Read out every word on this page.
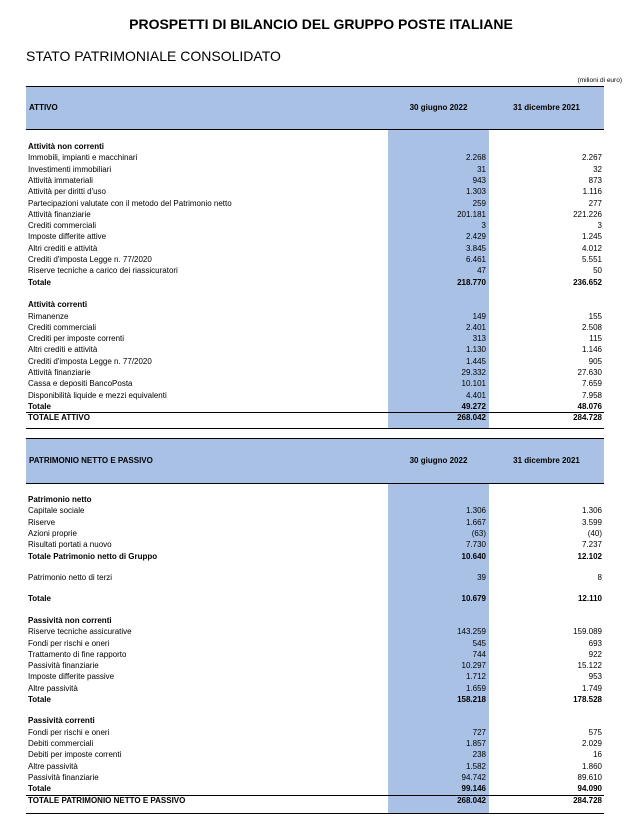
PROSPETTI DI BILANCIO DEL GRUPPO POSTE ITALIANE
STATO PATRIMONIALE CONSOLIDATO
(milioni di euro)
ATTIVO	30 giugno 2022	31 dicembre 2021
Attività non correnti
Immobili, impianti e macchinari	2.268	2.267
Investimenti immobiliari	31	32
Attività immateriali	943	873
Attività per diritti d'uso	1.303	1.116
Partecipazioni valutate con il metodo del Patrimonio netto	259	277
Attività finanziarie	201.181	221.226
Crediti commerciali	3	3
Imposte differite attive	2.429	1.245
Altri crediti e attività	3.845	4.012
Crediti d'imposta Legge n. 77/2020	6.461	5.551
Riserve tecniche a carico dei riassicuratori	47	50
Totale	218.770	236.652
Attività correnti
Rimanenze	149	155
Crediti commerciali	2.401	2.508
Crediti per imposte correnti	313	115
Altri crediti e attività	1.130	1.146
Crediti d'imposta Legge n. 77/2020	1.445	905
Attività finanziarie	29.332	27.630
Cassa e depositi BancoPosta	10.101	7.659
Disponibilità liquide e mezzi equivalenti	4.401	7.958
Totale	49.272	48.076
TOTALE ATTIVO	268.042	284.728
PATRIMONIO NETTO E PASSIVO	30 giugno 2022	31 dicembre 2021
Patrimonio netto
Capitale sociale	1.306	1.306
Riserve	1.667	3.599
Azioni proprie	(63)	(40)
Risultati portati a nuovo	7.730	7.237
Totale Patrimonio netto di Gruppo	10.640	12.102
Patrimonio netto di terzi	39	8
Totale	10.679	12.110
Passività non correnti
Riserve tecniche assicurative	143.259	159.089
Fondi per rischi e oneri	545	693
Trattamento di fine rapporto	744	922
Passività finanziarie	10.297	15.122
Imposte differite passive	1.712	953
Altre passività	1.659	1.749
Totale	158.218	178.528
Passività correnti
Fondi per rischi e oneri	727	575
Debiti commerciali	1.857	2.029
Debiti per imposte correnti	238	16
Altre passività	1.582	1.860
Passività finanziarie	94.742	89.610
Totale	99.146	94.090
TOTALE PATRIMONIO NETTO E PASSIVO	268.042	284.728
